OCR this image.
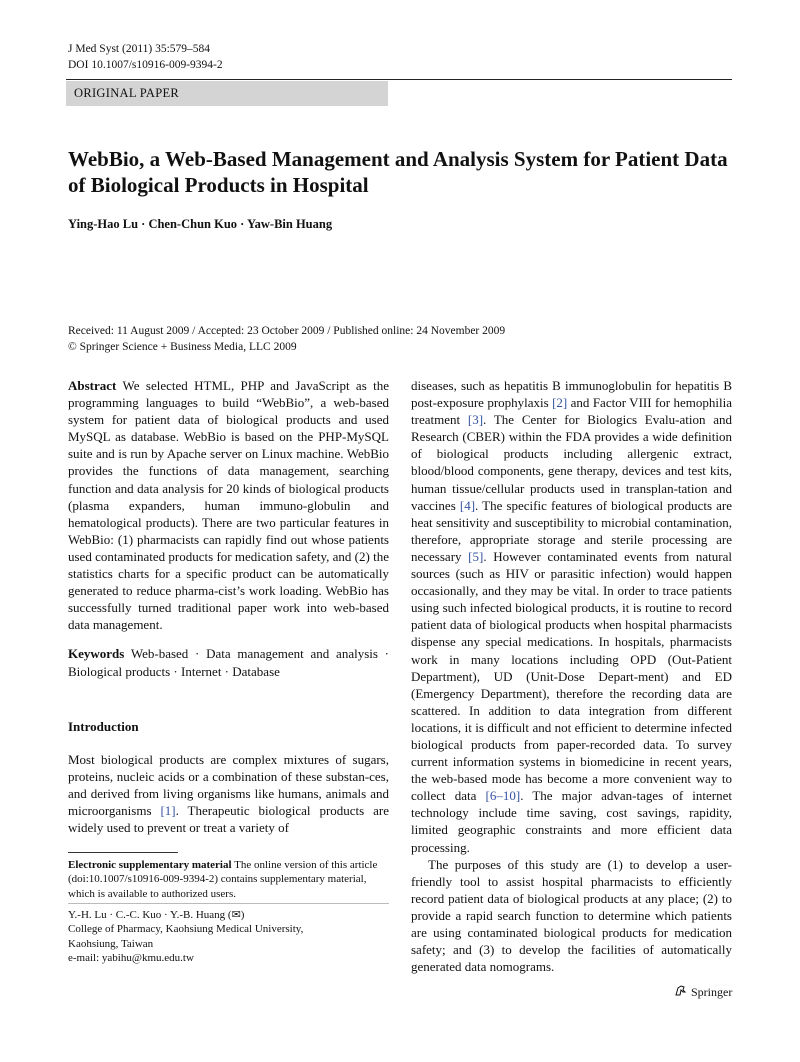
J Med Syst (2011) 35:579–584
DOI 10.1007/s10916-009-9394-2
ORIGINAL PAPER
WebBio, a Web-Based Management and Analysis System for Patient Data of Biological Products in Hospital
Ying-Hao Lu · Chen-Chun Kuo · Yaw-Bin Huang
Received: 11 August 2009 / Accepted: 23 October 2009 / Published online: 24 November 2009
© Springer Science + Business Media, LLC 2009
Abstract We selected HTML, PHP and JavaScript as the programming languages to build “WebBio”, a web-based system for patient data of biological products and used MySQL as database. WebBio is based on the PHP-MySQL suite and is run by Apache server on Linux machine. WebBio provides the functions of data management, searching function and data analysis for 20 kinds of biological products (plasma expanders, human immuno-globulin and hematological products). There are two particular features in WebBio: (1) pharmacists can rapidly find out whose patients used contaminated products for medication safety, and (2) the statistics charts for a specific product can be automatically generated to reduce pharma-cist’s work loading. WebBio has successfully turned traditional paper work into web-based data management.
Keywords Web-based · Data management and analysis · Biological products · Internet · Database
Introduction
Most biological products are complex mixtures of sugars, proteins, nucleic acids or a combination of these substan-ces, and derived from living organisms like humans, animals and microorganisms [1]. Therapeutic biological products are widely used to prevent or treat a variety of
Electronic supplementary material The online version of this article (doi:10.1007/s10916-009-9394-2) contains supplementary material, which is available to authorized users.
Y.-H. Lu · C.-C. Kuo · Y.-B. Huang (✉)
College of Pharmacy, Kaohsiung Medical University,
Kaohsiung, Taiwan
e-mail: yabihu@kmu.edu.tw
diseases, such as hepatitis B immunoglobulin for hepatitis B post-exposure prophylaxis [2] and Factor VIII for hemophilia treatment [3]. The Center for Biologics Evalu-ation and Research (CBER) within the FDA provides a wide definition of biological products including allergenic extract, blood/blood components, gene therapy, devices and test kits, human tissue/cellular products used in transplan-tation and vaccines [4]. The specific features of biological products are heat sensitivity and susceptibility to microbial contamination, therefore, appropriate storage and sterile processing are necessary [5]. However contaminated events from natural sources (such as HIV or parasitic infection) would happen occasionally, and they may be vital. In order to trace patients using such infected biological products, it is routine to record patient data of biological products when hospital pharmacists dispense any special medications. In hospitals, pharmacists work in many locations including OPD (Out-Patient Department), UD (Unit-Dose Depart-ment) and ED (Emergency Department), therefore the recording data are scattered. In addition to data integration from different locations, it is difficult and not efficient to determine infected biological products from paper-recorded data. To survey current information systems in biomedicine in recent years, the web-based mode has become a more convenient way to collect data [6–10]. The major advan-tages of internet technology include time saving, cost savings, rapidity, limited geographic constraints and more efficient data processing.
The purposes of this study are (1) to develop a user-friendly tool to assist hospital pharmacists to efficiently record patient data of biological products at any place; (2) to provide a rapid search function to determine which patients are using contaminated biological products for medication safety; and (3) to develop the facilities of automatically generated data nomograms.
Springer
